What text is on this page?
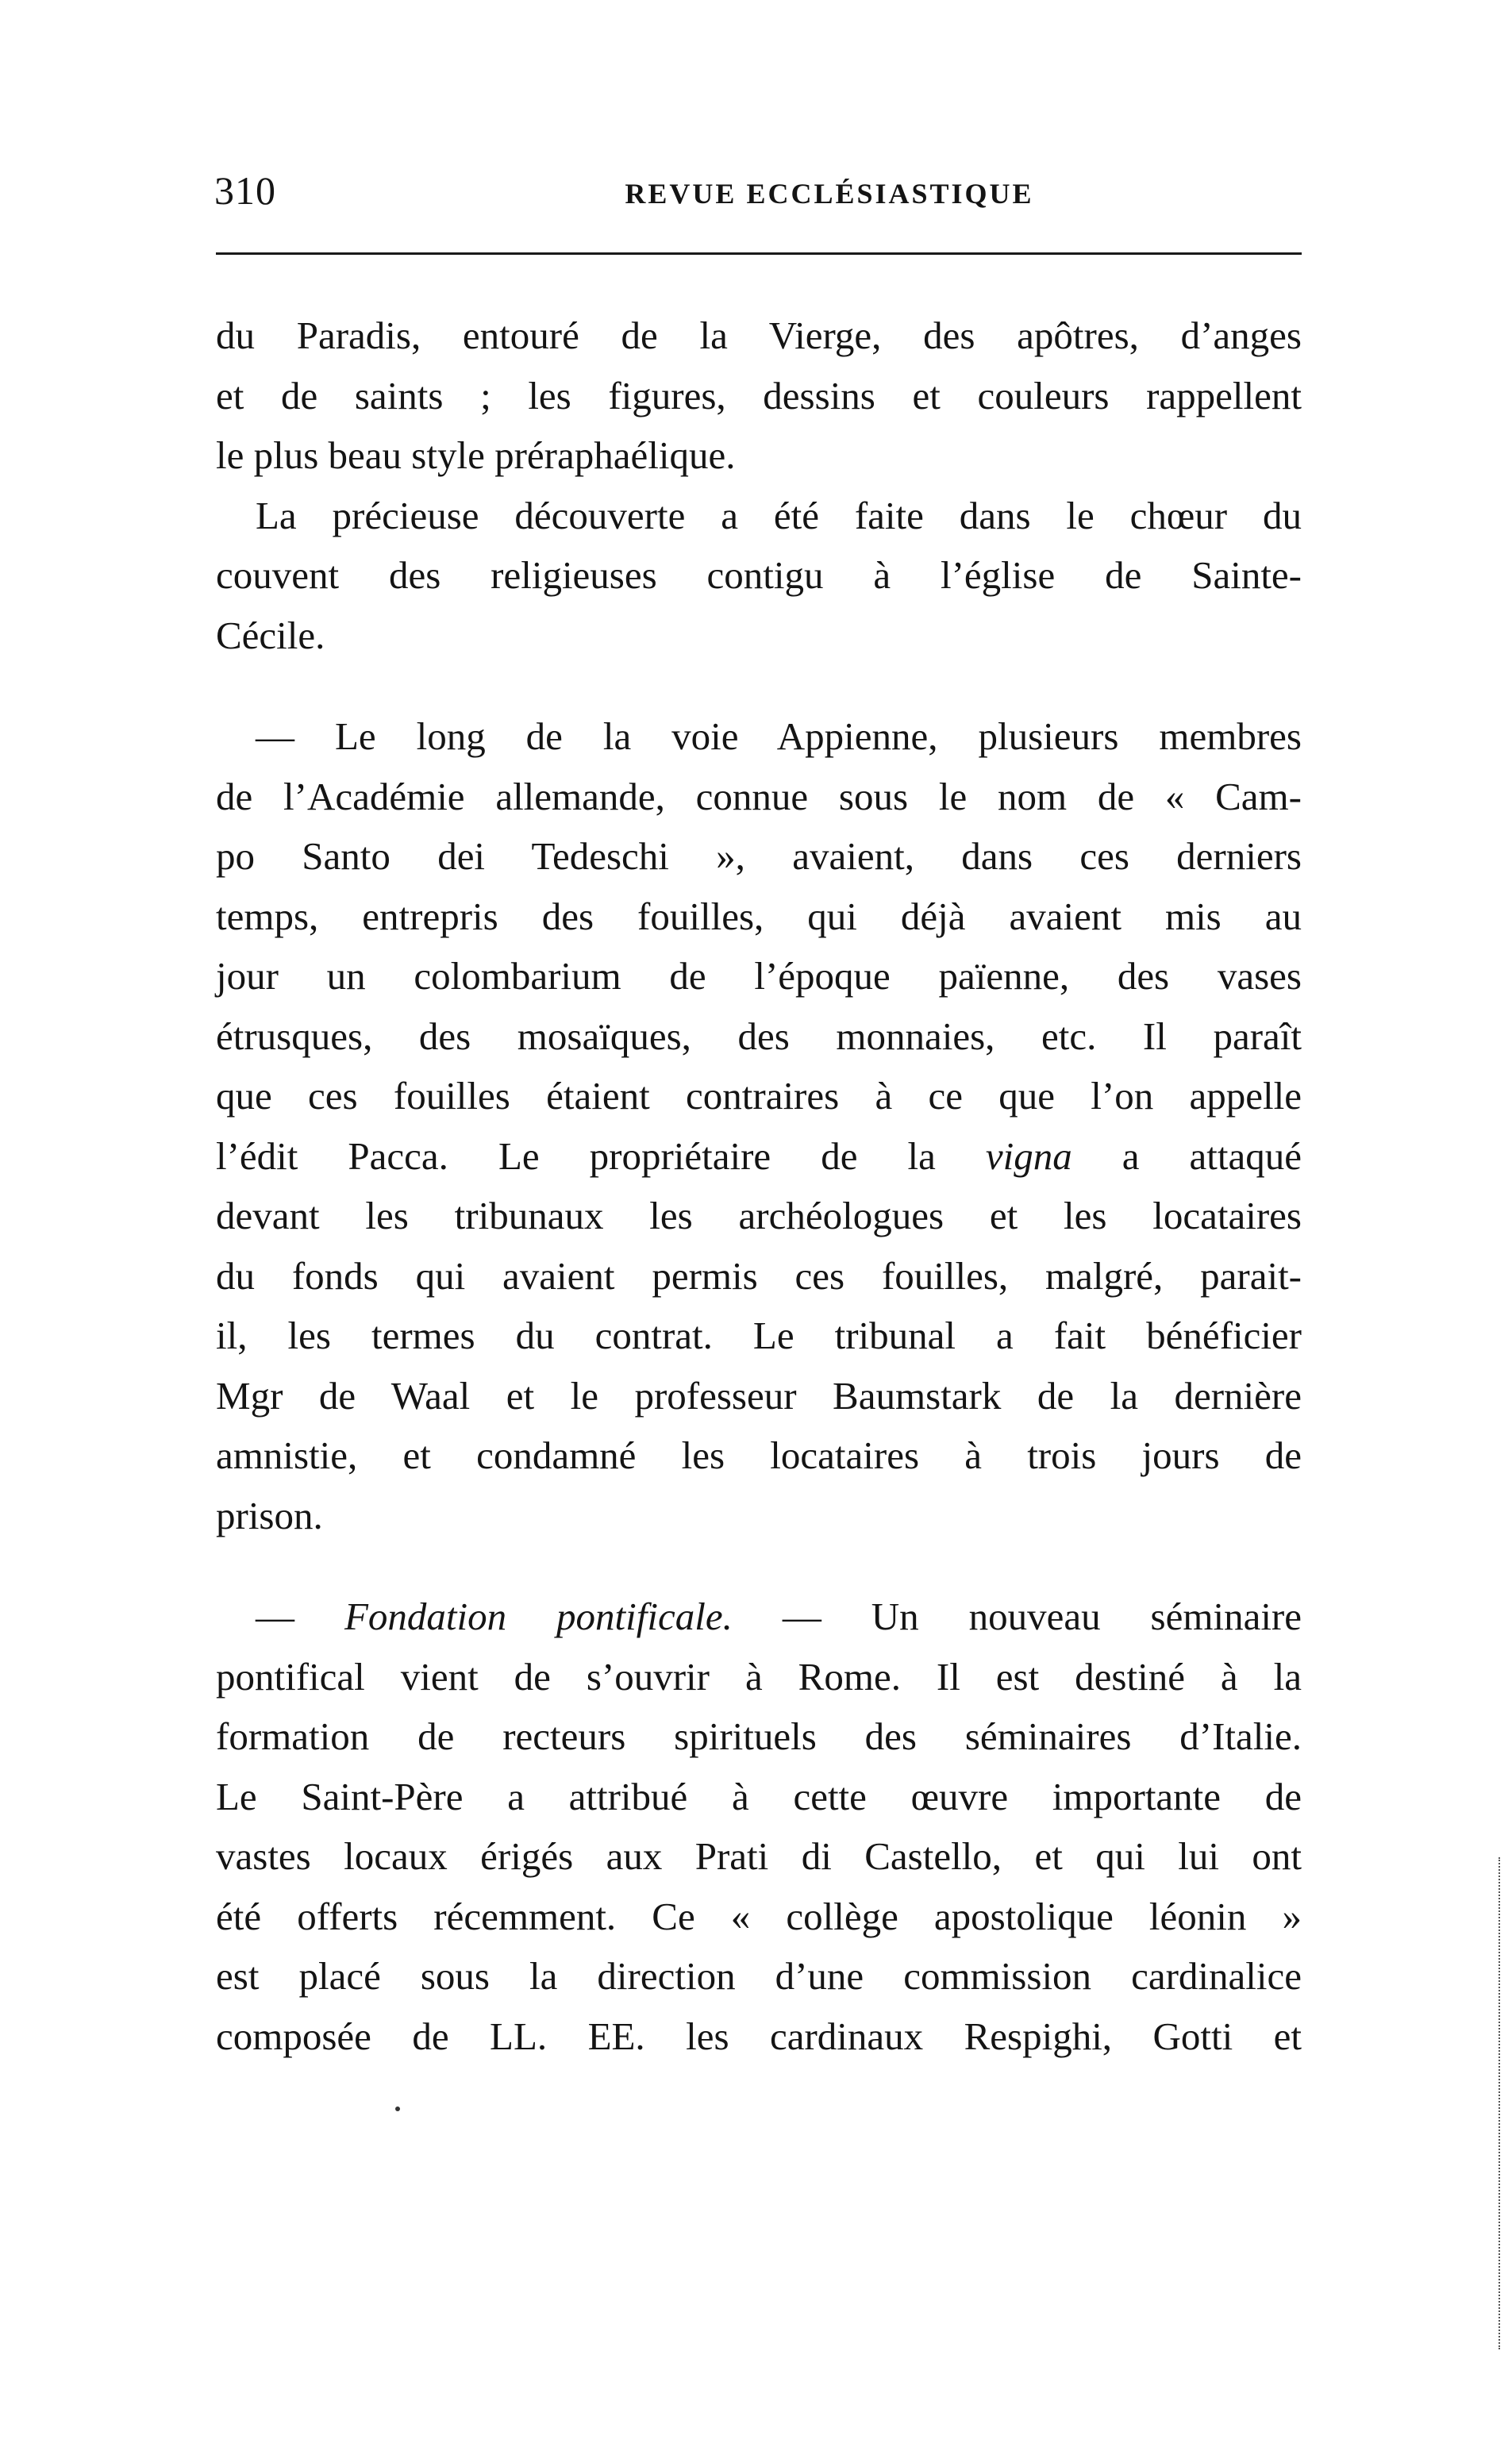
310	REVUE ECCLÉSIASTIQUE

du Paradis, entouré de la Vierge, des apôtres, d’anges
et de saints ; les figures, dessins et couleurs rappellent
le plus beau style préraphaélique.

La précieuse découverte a été faite dans le chœur du
couvent des religieuses contigu à l’église de Sainte-
Cécile.

— Le long de la voie Appienne, plusieurs membres
de l’Académie allemande, connue sous le nom de « Cam-
po Santo dei Tedeschi », avaient, dans ces derniers
temps, entrepris des fouilles, qui déjà avaient mis au
jour un colombarium de l’époque païenne, des vases
étrusques, des mosaïques, des monnaies, etc. Il paraît
que ces fouilles étaient contraires à ce que l’on appelle
l’édit Pacca. Le propriétaire de la vigna a attaqué
devant les tribunaux les archéologues et les locataires
du fonds qui avaient permis ces fouilles, malgré, parait-
il, les termes du contrat. Le tribunal a fait bénéficier
Mgr de Waal et le professeur Baumstark de la dernière
amnistie, et condamné les locataires à trois jours de
prison.

— Fondation pontificale. — Un nouveau séminaire
pontifical vient de s’ouvrir à Rome. Il est destiné à la
formation de recteurs spirituels des séminaires d’Italie.
Le Saint-Père a attribué à cette œuvre importante de
vastes locaux érigés aux Prati di Castello, et qui lui ont
été offerts récemment. Ce « collège apostolique léonin »
est placé sous la direction d’une commission cardinalice
composée de LL. EE. les cardinaux Respighi, Gotti et
